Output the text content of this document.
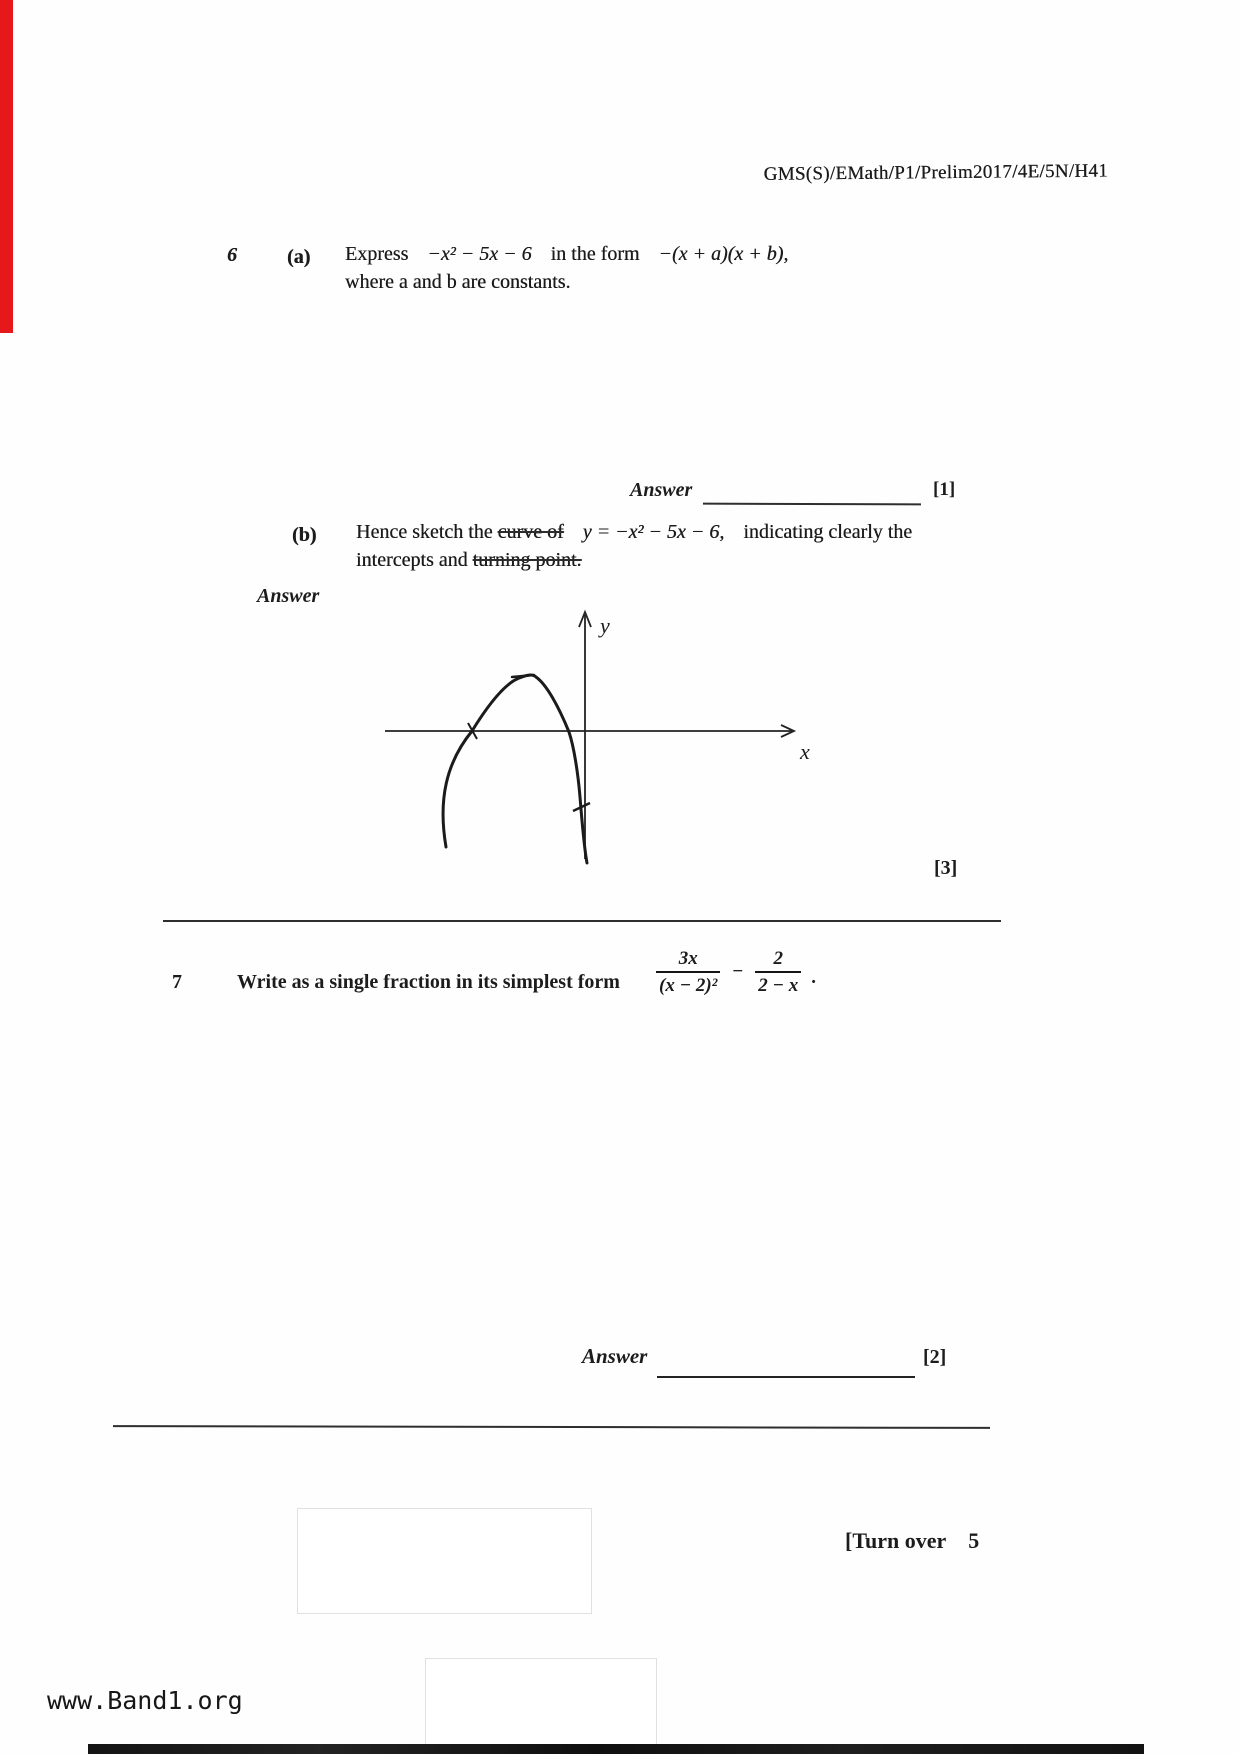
GMS(S)/EMath/P1/Prelim2017/4E/5N/H41
6	(a) Express −x² − 5x − 6 in the form −(x + a)(x + b),
where a and b are constants.
Answer	[1]
(b) Hence sketch the curve of y = −x² − 5x − 6, indicating clearly the
intercepts and turning point.
Answer
y
x
[3]
7	Write as a single fraction in its simplest form $\frac{3x}{\text{(x − 2)²}} - \frac{2}{2 - x}$ .
Answer	[2]
[Turn over 5
www.Band1.org
